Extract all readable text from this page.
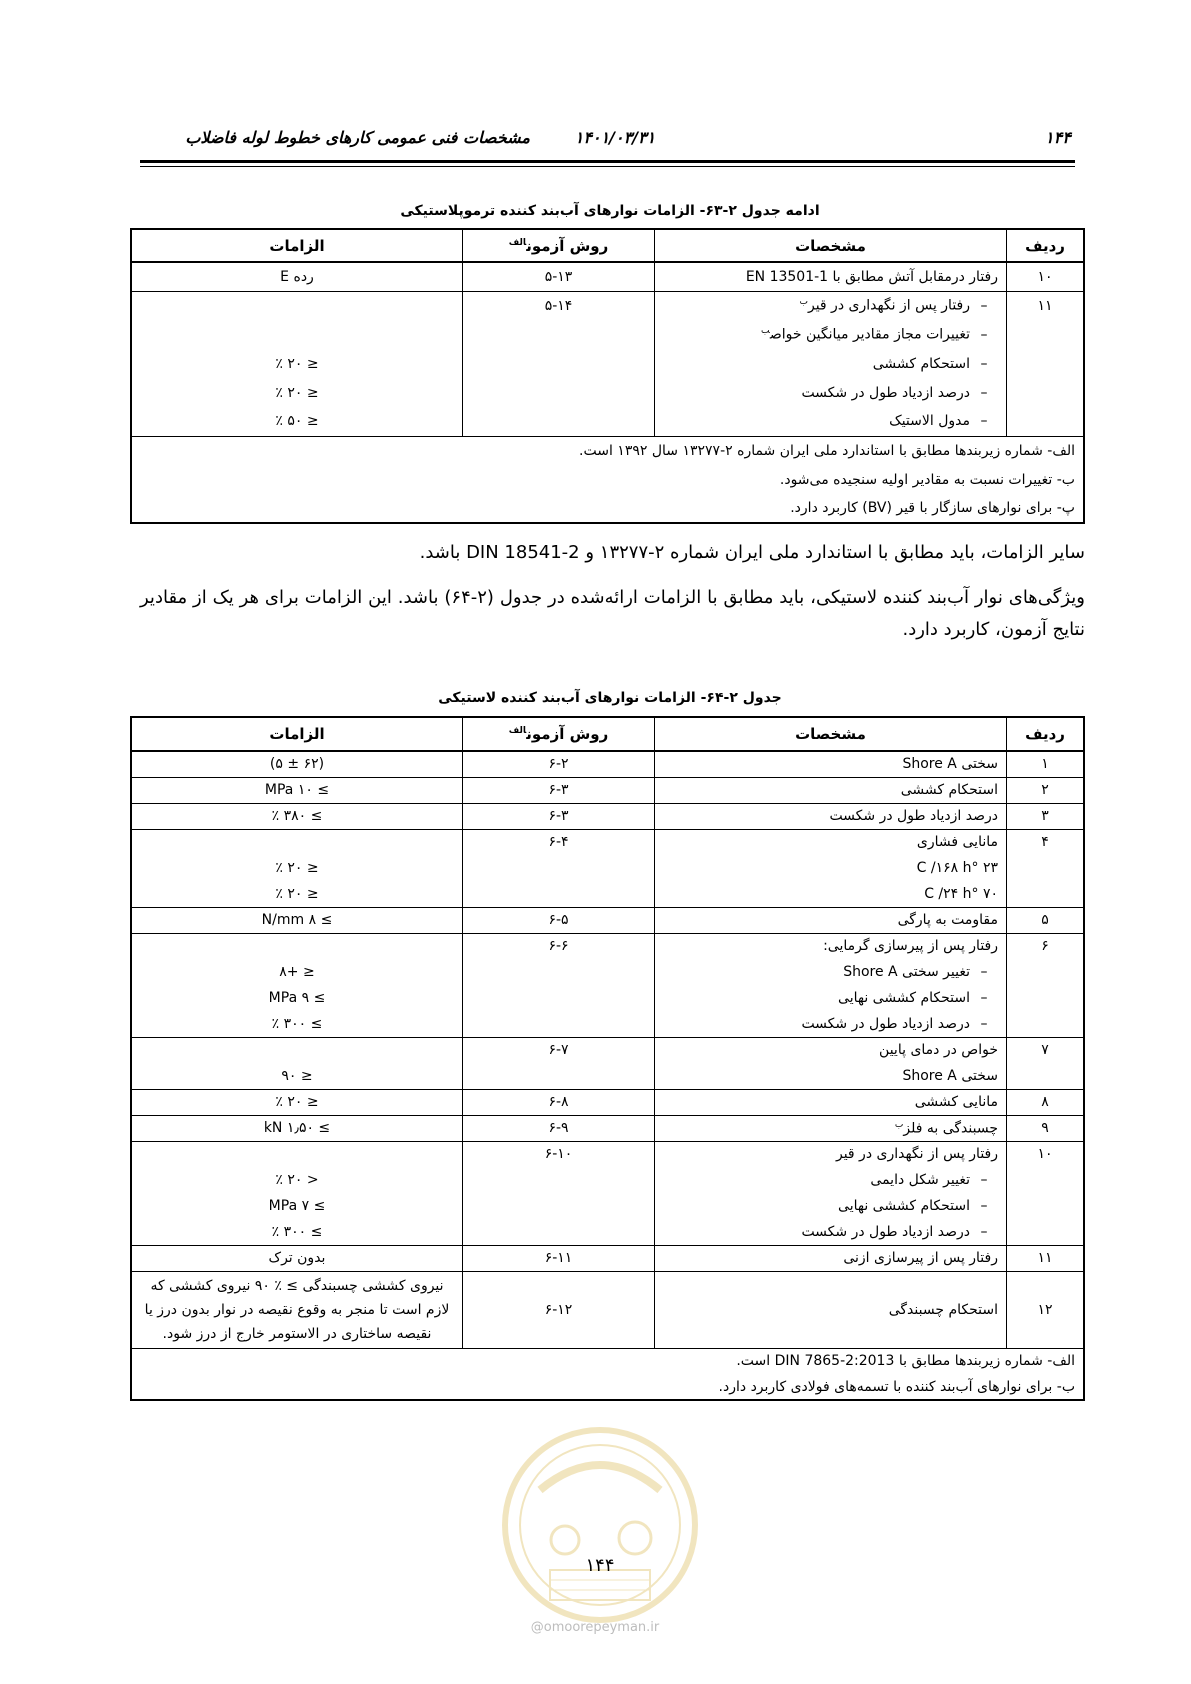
۱۴۴
۱۴۰۱/۰۳/۳۱
مشخصات فنی عمومی کارهای خطوط لوله فاضلاب
ادامه جدول ۲-۶۳- الزامات نوارهای آب‌بند کننده ترموپلاستیکی
ردیف	مشخصات	روش آزمون$^{الف}$	الزامات
۱۰	رفتار درمقابل آتش مطابق با EN 13501-1	۵-۱۳	رده E
۱۱	–رفتار پس از نگهداری در قیر$^ب$	۵-۱۴	
	–تغییرات مجاز مقادیر میانگین خواص$^ب$		
	–استحکام کششی		≤ ۲۰ ٪
	–درصد ازدیاد طول در شکست		≤ ۲۰ ٪
	–مدول الاستیک		≤ ۵۰ ٪
الف- شماره زیربندها مطابق با استاندارد ملی ایران شماره ۲-۱۳۲۷۷ سال ۱۳۹۲ است.			
ب- تغییرات نسبت به مقادیر اولیه سنجیده می‌شود.			
پ- برای نوارهای سازگار با قیر (BV) کاربرد دارد.			
سایر الزامات، باید مطابق با استاندارد ملی ایران شماره ۲-۱۳۲۷۷ و DIN 18541-2 باشد.
ویژگی‌های نوار آب‌بند کننده لاستیکی، باید مطابق با الزامات ارائه‌شده در جدول (۲-۶۴) باشد. این الزامات برای هر یک از مقادیر نتایج آزمون، کاربرد دارد.
جدول ۲-۶۴- الزامات نوارهای آب‌بند کننده لاستیکی
ردیف	مشخصات	روش آزمون$^{الف}$	الزامات
۱	سختی Shore A	۶-۲	(۶۲ ± ۵)
۲	استحکام کششی	۶-۳	≥ ۱۰ MPa
۳	درصد ازدیاد طول در شکست	۶-۳	≥ ۳۸۰ ٪
۴	مانایی فشاری	۶-۴	
	۲۳ °C /۱۶۸ h		≤ ۲۰ ٪
	۷۰ °C /۲۴ h		≤ ۲۰ ٪
۵	مقاومت به پارگی	۶-۵	≥ ۸ N/mm
۶	رفتار پس از پیرسازی گرمایی:	۶-۶	
	–تغییر سختی Shore A		≤ +۸
	–استحکام کششی نهایی		≥ ۹ MPa
	–درصد ازدیاد طول در شکست		≥ ۳۰۰ ٪
۷	خواص در دمای پایین	۶-۷	
	سختی Shore A		≤ ۹۰
۸	مانایی کششی	۶-۸	≤ ۲۰ ٪
۹	چسبندگی به فلز$^ب$	۶-۹	≥ ۱٫۵۰ kN
۱۰	رفتار پس از نگهداری در قیر	۶-۱۰	
	–تغییر شکل دایمی		< ۲۰ ٪
	–استحکام کششی نهایی		≥ ۷ MPa
	–درصد ازدیاد طول در شکست		≥ ۳۰۰ ٪
۱۱	رفتار پس از پیرسازی ازنی	۶-۱۱	بدون ترک
۱۲	استحکام چسبندگی	۶-۱۲	نیروی کششی چسبندگی ≥ ٪ ۹۰ نیروی کششی که لازم است تا منجر به وقوع نقیصه در نوار بدون درز یا نقیصه ساختاری در الاستومر خارج از درز شود.
الف- شماره زیربندها مطابق با DIN 7865-2:2013 است.			
ب- برای نوارهای آب‌بند کننده با تسمه‌های فولادی کاربرد دارد.			
۱۴۴
@omoorepeyman.ir
